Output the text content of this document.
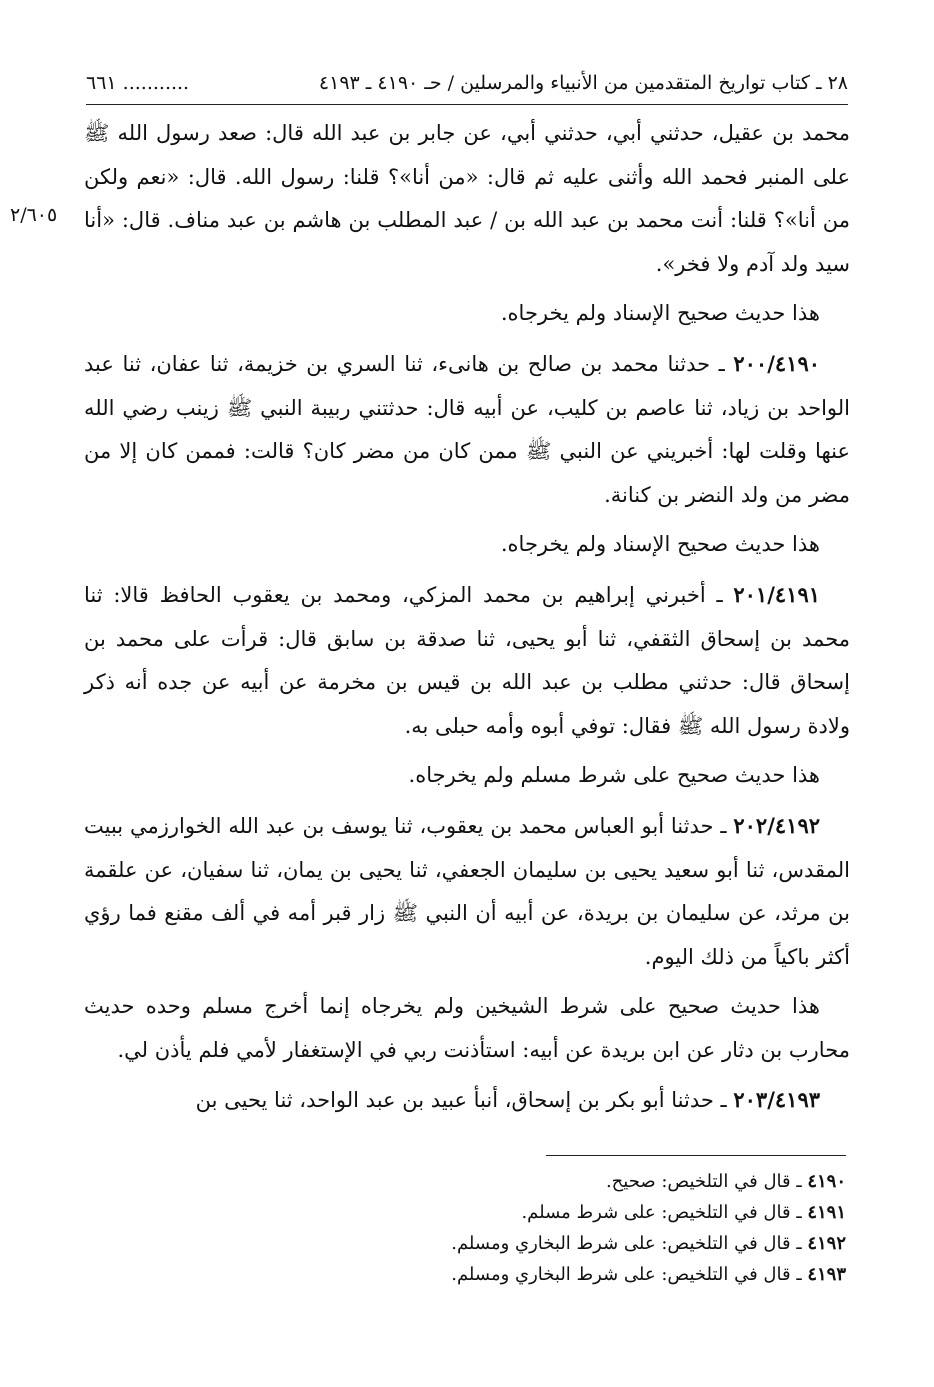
٢٨ ـ كتاب تواريخ المتقدمين من الأنبياء والمرسلين / حـ ٤١٩٠ ـ ٤١٩٣
........... ٦٦١
٢/٦٠٥

محمد بن عقيل، حدثني أبي، حدثني أبي، عن جابر بن عبد الله قال: صعد رسول الله ﷺ على المنبر فحمد الله وأثنى عليه ثم قال: «من أنا»؟ قلنا: رسول الله. قال: «نعم ولكن من أنا»؟ قلنا: أنت محمد بن عبد الله بن / عبد المطلب بن هاشم بن عبد مناف. قال: «أنا سيد ولد آدم ولا فخر».

هذا حديث صحيح الإسناد ولم يخرجاه.

٢٠٠/٤١٩٠ ـ حدثنا محمد بن صالح بن هانىء، ثنا السري بن خزيمة، ثنا عفان، ثنا عبد الواحد بن زياد، ثنا عاصم بن كليب، عن أبيه قال: حدثتني ربيبة النبي ﷺ زينب رضي الله عنها وقلت لها: أخبريني عن النبي ﷺ ممن كان من مضر كان؟ قالت: فممن كان إلا من مضر من ولد النضر بن كنانة.

هذا حديث صحيح الإسناد ولم يخرجاه.

٢٠١/٤١٩١ ـ أخبرني إبراهيم بن محمد المزكي، ومحمد بن يعقوب الحافظ قالا: ثنا محمد بن إسحاق الثقفي، ثنا أبو يحيى، ثنا صدقة بن سابق قال: قرأت على محمد بن إسحاق قال: حدثني مطلب بن عبد الله بن قيس بن مخرمة عن أبيه عن جده أنه ذكر ولادة رسول الله ﷺ فقال: توفي أبوه وأمه حبلى به.

هذا حديث صحيح على شرط مسلم ولم يخرجاه.

٢٠٢/٤١٩٢ ـ حدثنا أبو العباس محمد بن يعقوب، ثنا يوسف بن عبد الله الخوارزمي ببيت المقدس، ثنا أبو سعيد يحيى بن سليمان الجعفي، ثنا يحيى بن يمان، ثنا سفيان، عن علقمة بن مرثد، عن سليمان بن بريدة، عن أبيه أن النبي ﷺ زار قبر أمه في ألف مقنع فما رؤي أكثر باكياً من ذلك اليوم.

هذا حديث صحيح على شرط الشيخين ولم يخرجاه إنما أخرج مسلم وحده حديث محارب بن دثار عن ابن بريدة عن أبيه: استأذنت ربي في الإستغفار لأمي فلم يأذن لي.

٢٠٣/٤١٩٣ ـ حدثنا أبو بكر بن إسحاق، أنبأ عبيد بن عبد الواحد، ثنا يحيى بن

٤١٩٠ ـ قال في التلخيص: صحيح.
٤١٩١ ـ قال في التلخيص: على شرط مسلم.
٤١٩٢ ـ قال في التلخيص: على شرط البخاري ومسلم.
٤١٩٣ ـ قال في التلخيص: على شرط البخاري ومسلم.
